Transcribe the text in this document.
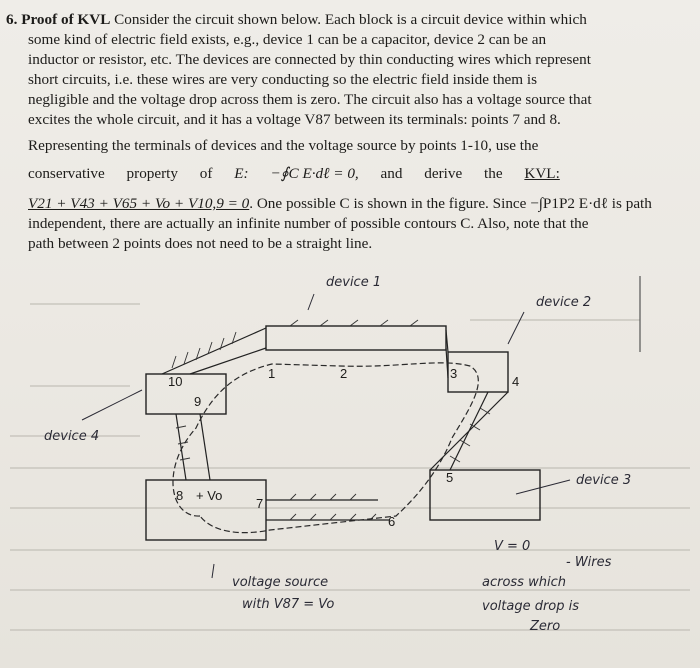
6. Proof of KVL Consider the circuit shown below. Each block is a circuit device within which
some kind of electric field exists, e.g., device 1 can be a capacitor, device 2 can be an
inductor or resistor, etc. The devices are connected by thin conducting wires which represent
short circuits, i.e. these wires are very conducting so the electric field inside them is
negligible and the voltage drop across them is zero. The circuit also has a voltage source that
excites the whole circuit, and it has a voltage V87 between its terminals: points 7 and 8.

Representing the terminals of devices and the voltage source by points 1-10, use the
conservative property of E: −∮C E·dℓ = 0, and derive the KVL:
V21 + V43 + V65 + Vo + V10,9 = 0. One possible C is shown in the figure. Since −∫P1P2 E·dℓ is path
independent, there are actually an infinite number of possible contours C. Also, note that the
path between 2 points does not need to be a straight line.

1	2	3
4
5
6
7
8
9
10
+ Vo
device 1
device 2
device 4
device 3
V = 0
- Wires
across which
voltage drop is
Zero
voltage source
with V87 = Vo
